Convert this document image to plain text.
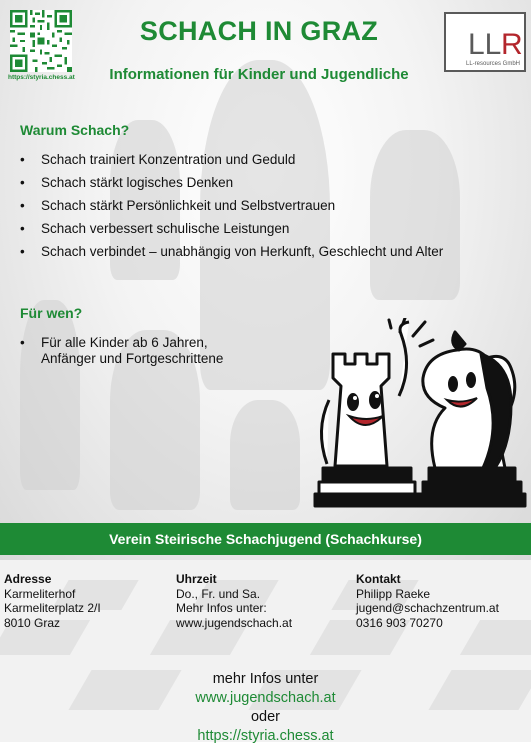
https://styria.chess.at
SCHACH IN GRAZ
Informationen für Kinder und Jugendliche
LL R
LL-resources GmbH
Warum Schach?
• Schach trainiert Konzentration und Geduld
• Schach stärkt logisches Denken
• Schach stärkt Persönlichkeit und Selbstvertrauen
• Schach verbessert schulische Leistungen
• Schach verbindet – unabhängig von Herkunft, Geschlecht und Alter
Für wen?
• Für alle Kinder ab 6 Jahren,
Anfänger und Fortgeschrittene
Verein Steirische Schachjugend (Schachkurse)
Adresse
Karmeliterhof
Karmeliterplatz 2/I
8010 Graz
Uhrzeit
Do., Fr. und Sa.
Mehr Infos unter:
www.jugendschach.at
Kontakt
Philipp Raeke
jugend@schachzentrum.at
0316 903 70270
mehr Infos unter
www.jugendschach.at
oder
https://styria.chess.at
